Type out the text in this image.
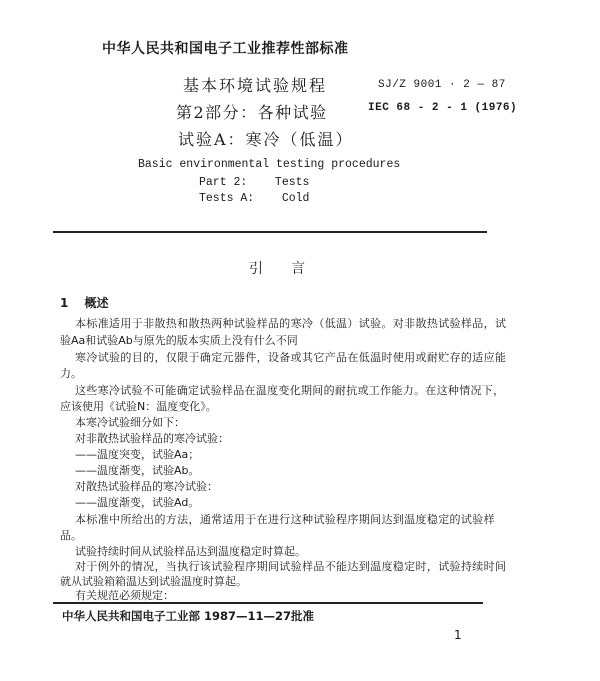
中华人民共和国电子工业推荐性部标准
基本环境试验规程
第2部分：各种试验
试验A：寒冷（低温）
SJ/Z 9001 · 2 — 87
IEC 68 - 2 - 1 (1976)
Basic environmental testing procedures
Part 2:    Tests
Tests A:    Cold
引言
1 概述
本标准适用于非散热和散热两种试验样品的寒冷（低温）试验。对非散热试验样品，试
验Aa和试验Ab与原先的版本实质上没有什么不同
寒冷试验的目的，仅限于确定元器件，设备或其它产品在低温时使用或耐贮存的适应能
力。
这些寒冷试验不可能确定试验样品在温度变化期间的耐抗或工作能力。在这种情况下，
应该使用《试验N：温度变化》。
本寒冷试验细分如下：
对非散热试验样品的寒冷试验：
——温度突变，试验Aa；
——温度渐变，试验Ab。
对散热试验样品的寒冷试验：
——温度渐变，试验Ad。
本标准中所给出的方法，通常适用于在进行这种试验程序期间达到温度稳定的试验样
品。
试验持续时间从试验样品达到温度稳定时算起。
对于例外的情况，当执行该试验程序期间试验样品不能达到温度稳定时，试验持续时间
就从试验箱箱温达到试验温度时算起。
有关规范必须规定：
中华人民共和国电子工业部 1987—11—27批准
1
